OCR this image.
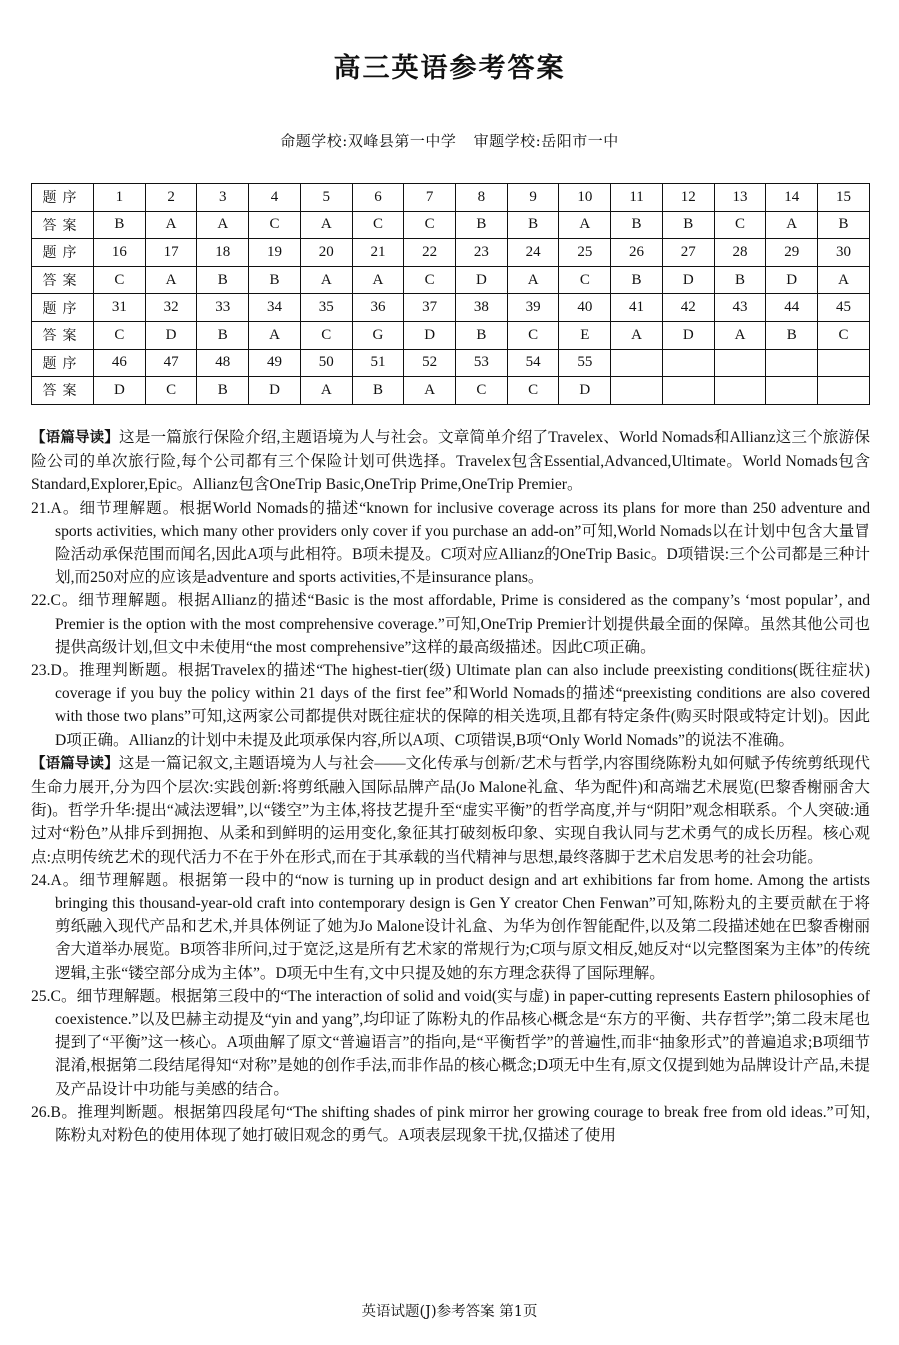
高三英语参考答案
命题学校:双峰县第一中学 审题学校:岳阳市一中
题序	1	2	3	4	5	6	7	8	9	10	11	12	13	14	15
答案	B	A	A	C	A	C	C	B	B	A	B	B	C	A	B
题序	16	17	18	19	20	21	22	23	24	25	26	27	28	29	30
答案	C	A	B	B	A	A	C	D	A	C	B	D	B	D	A
题序	31	32	33	34	35	36	37	38	39	40	41	42	43	44	45
答案	C	D	B	A	C	G	D	B	C	E	A	D	A	B	C
题序	46	47	48	49	50	51	52	53	54	55					
答案	D	C	B	D	A	B	A	C	C	D					

【语篇导读】这是一篇旅行保险介绍,主题语境为人与社会。文章简单介绍了Travelex、World Nomads和Allianz这三个旅游保险公司的单次旅行险,每个公司都有三个保险计划可供选择。Travelex包含Essential,Advanced,Ultimate。World Nomads包含Standard,Explorer,Epic。Allianz包含OneTrip Basic,OneTrip Prime,OneTrip Premier。

21.A。细节理解题。根据World Nomads的描述“known for inclusive coverage across its plans for more than 250 adventure and sports activities, which many other providers only cover if you purchase an add-on”可知,World Nomads以在计划中包含大量冒险活动承保范围而闻名,因此A项与此相符。B项未提及。C项对应Allianz的OneTrip Basic。D项错误:三个公司都是三种计划,而250对应的应该是adventure and sports activities,不是insurance plans。

22.C。细节理解题。根据Allianz的描述“Basic is the most affordable, Prime is considered as the company’s ‘most popular’, and Premier is the option with the most comprehensive coverage.”可知,OneTrip Premier计划提供最全面的保障。虽然其他公司也提供高级计划,但文中未使用“the most comprehensive”这样的最高级描述。因此C项正确。

23.D。推理判断题。根据Travelex的描述“The highest-tier(级) Ultimate plan can also include preexisting conditions(既往症状) coverage if you buy the policy within 21 days of the first fee”和World Nomads的描述“preexisting conditions are also covered with those two plans”可知,这两家公司都提供对既往症状的保障的相关选项,且都有特定条件(购买时限或特定计划)。因此D项正确。Allianz的计划中未提及此项承保内容,所以A项、C项错误,B项“Only World Nomads”的说法不准确。

【语篇导读】这是一篇记叙文,主题语境为人与社会——文化传承与创新/艺术与哲学,内容围绕陈粉丸如何赋予传统剪纸现代生命力展开,分为四个层次:实践创新:将剪纸融入国际品牌产品(Jo Malone礼盒、华为配件)和高端艺术展览(巴黎香榭丽舍大街)。哲学升华:提出“减法逻辑”,以“镂空”为主体,将技艺提升至“虚实平衡”的哲学高度,并与“阴阳”观念相联系。个人突破:通过对“粉色”从排斥到拥抱、从柔和到鲜明的运用变化,象征其打破刻板印象、实现自我认同与艺术勇气的成长历程。核心观点:点明传统艺术的现代活力不在于外在形式,而在于其承载的当代精神与思想,最终落脚于艺术启发思考的社会功能。

24.A。细节理解题。根据第一段中的“now is turning up in product design and art exhibitions far from home. Among the artists bringing this thousand-year-old craft into contemporary design is Gen Y creator Chen Fenwan”可知,陈粉丸的主要贡献在于将剪纸融入现代产品和艺术,并具体例证了她为Jo Malone设计礼盒、为华为创作智能配件,以及第二段描述她在巴黎香榭丽舍大道举办展览。B项答非所问,过于宽泛,这是所有艺术家的常规行为;C项与原文相反,她反对“以完整图案为主体”的传统逻辑,主张“镂空部分成为主体”。D项无中生有,文中只提及她的东方理念获得了国际理解。

25.C。细节理解题。根据第三段中的“The interaction of solid and void(实与虚) in paper-cutting represents Eastern philosophies of coexistence.”以及巴赫主动提及“yin and yang”,均印证了陈粉丸的作品核心概念是“东方的平衡、共存哲学”;第二段末尾也提到了“平衡”这一核心。A项曲解了原文“普遍语言”的指向,是“平衡哲学”的普遍性,而非“抽象形式”的普遍追求;B项细节混淆,根据第二段结尾得知“对称”是她的创作手法,而非作品的核心概念;D项无中生有,原文仅提到她为品牌设计产品,未提及产品设计中功能与美感的结合。

26.B。推理判断题。根据第四段尾句“The shifting shades of pink mirror her growing courage to break free from old ideas.”可知,陈粉丸对粉色的使用体现了她打破旧观念的勇气。A项表层现象干扰,仅描述了使用

英语试题(J)参考答案 第1页
